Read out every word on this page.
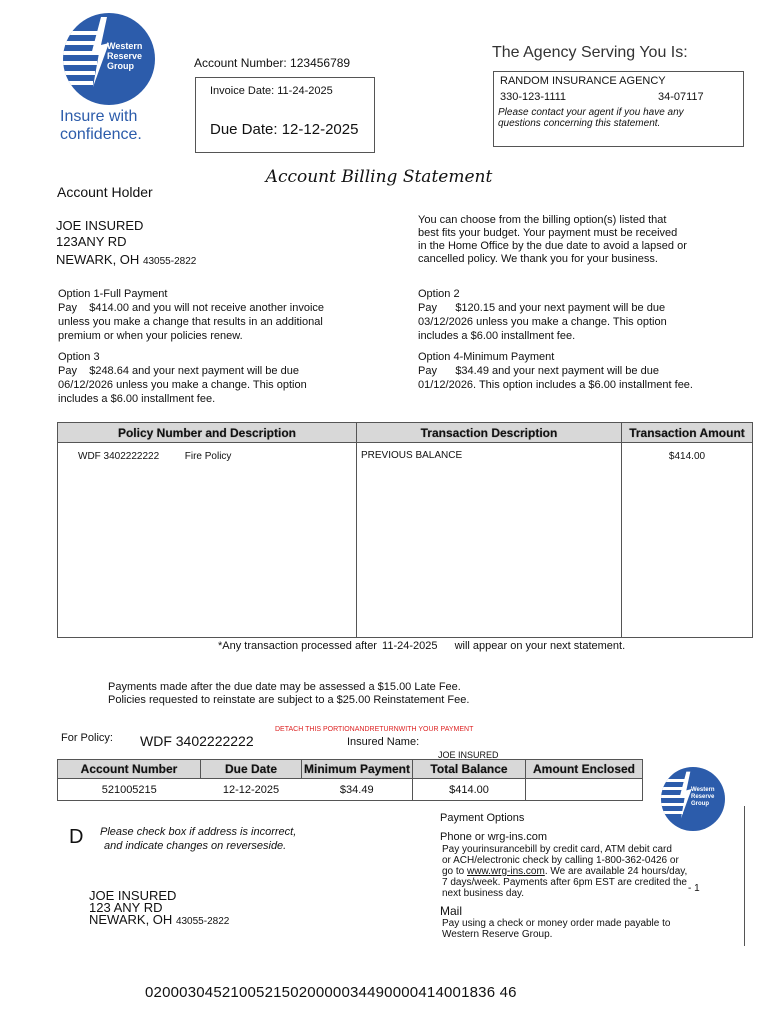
Western
Reserve
Group
Insure with
confidence.
Account Number: 123456789
Invoice Date: 11-24-2025
Due Date: 12-12-2025
The Agency Serving You Is:
RANDOM INSURANCE AGENCY
330-123-1111	34-07117
Please contact your agent if you have any
questions concerning this statement.
Account Billing Statement
Account Holder
JOE INSURED
123ANY RD
NEWARK, OH 43055-2822
You can choose from the billing option(s) listed that
best fits your budget. Your payment must be received
in the Home Office by the due date to avoid a lapsed or
cancelled policy. We thank you for your business.
Option 1-Full Payment
Pay $414.00 and you will not receive another invoice
unless you make a change that results in an additional
premium or when your policies renew.
Option 2
Pay $120.15 and your next payment will be due
03/12/2026 unless you make a change. This option
includes a $6.00 installment fee.
Option 3
Pay $248.64 and your next payment will be due
06/12/2026 unless you make a change. This option
includes a $6.00 installment fee.
Option 4-Minimum Payment
Pay $34.49 and your next payment will be due
01/12/2026. This option includes a $6.00 installment fee.
Policy Number and Description	Transaction Description	Transaction Amount
WDF 3402222222 Fire Policy	PREVIOUS BALANCE	$414.00
*Any transaction processed after 11-24-2025 will appear on your next statement.
Payments made after the due date may be assessed a $15.00 Late Fee.
Policies requested to reinstate are subject to a $25.00 Reinstatement Fee.
For Policy: WDF 3402222222
DETACH THIS PORTIONANDRETURNWITH YOUR PAYMENT
Insured Name:
JOE INSURED
Account Number	Due Date	Minimum Payment	Total Balance	Amount Enclosed
521005215	12-12-2025	$34.49	$414.00		Western
Reserve
Group
D Please check box if address is incorrect,
and indicate changes on reverseside.
JOE INSURED
123 ANY RD
NEWARK, OH 43055-2822
Payment Options
Phone or wrg-ins.com
Pay yourinsurancebill by credit card, ATM debit card
or ACH/electronic check by calling 1-800-362-0426 or
go to www.wrg-ins.com. We are available 24 hours/day,
7 days/week. Payments after 6pm EST are credited the
next business day.	- 1
Mail
Pay using a check or money order made payable to
Western Reserve Group.
02000304521005215020000034490000414001836 46
